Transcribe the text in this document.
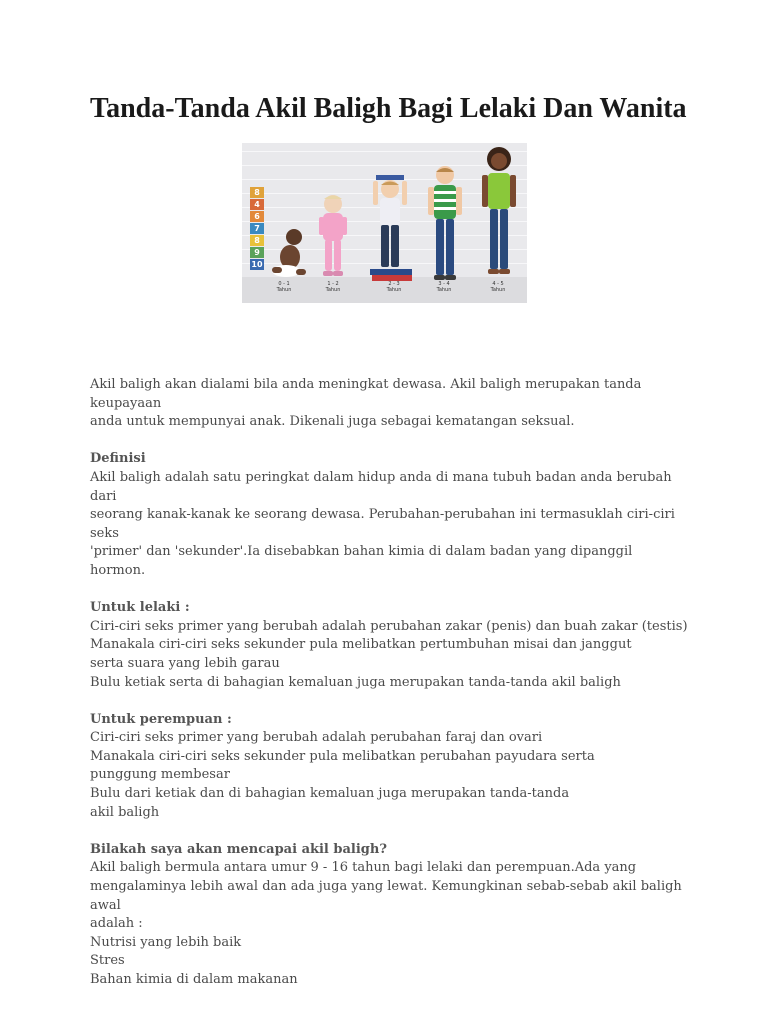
Tanda-Tanda Akil Baligh Bagi Lelaki Dan Wanita
8
4
6
7
8
9
10
0 - 1
Tahun
1 - 2
Tahun
2 - 3
Tahun
3 - 4
Tahun
4 - 5
Tahun

Akil baligh akan dialami bila anda meningkat dewasa. Akil baligh merupakan tanda keupayaan
anda untuk mempunyai anak. Dikenali juga sebagai kematangan seksual.

Definisi
Akil baligh adalah satu peringkat dalam hidup anda di mana tubuh badan anda berubah dari
seorang kanak-kanak ke seorang dewasa. Perubahan-perubahan ini termasuklah ciri-ciri seks
'primer' dan 'sekunder'.Ia disebabkan bahan kimia di dalam badan yang dipanggil hormon.

Untuk lelaki :
Ciri-ciri seks primer yang berubah adalah perubahan zakar (penis) dan buah zakar (testis)
Manakala ciri-ciri seks sekunder pula melibatkan pertumbuhan misai dan janggut
serta suara yang lebih garau
Bulu ketiak serta di bahagian kemaluan juga merupakan tanda-tanda akil baligh

Untuk perempuan :
Ciri-ciri seks primer yang berubah adalah perubahan faraj dan ovari
Manakala ciri-ciri seks sekunder pula melibatkan perubahan payudara serta
punggung membesar
Bulu dari ketiak dan di bahagian kemaluan juga merupakan tanda-tanda
akil baligh

Bilakah saya akan mencapai akil baligh?
Akil baligh bermula antara umur 9 - 16 tahun bagi lelaki dan perempuan.Ada yang
mengalaminya lebih awal dan ada juga yang lewat. Kemungkinan sebab-sebab akil baligh awal
adalah :
Nutrisi yang lebih baik
Stres
Bahan kimia di dalam makanan
